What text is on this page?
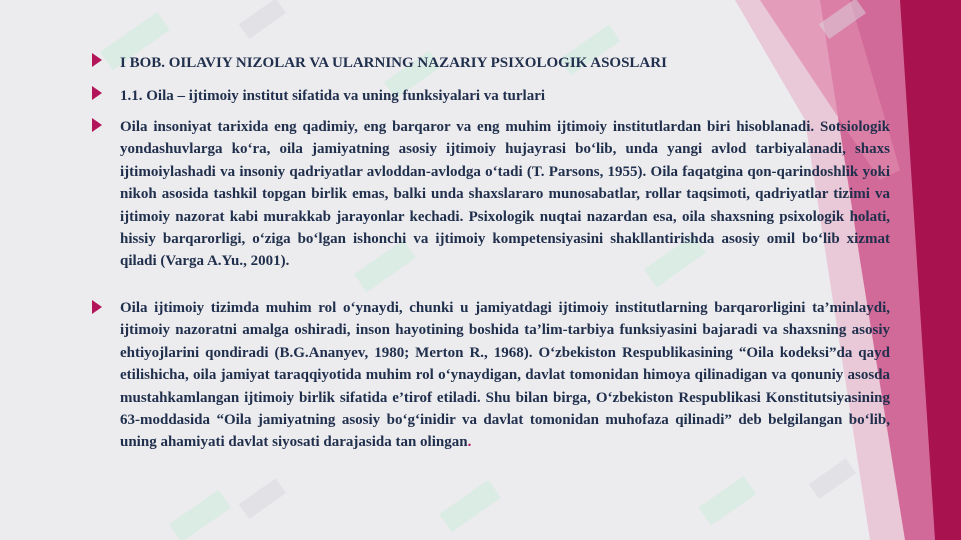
I BOB. OILAVIY NIZOLAR VA ULARNING NAZARIY PSIXOLOGIK ASOSLARI

1.1. Oila – ijtimoiy institut sifatida va uning funksiyalari va turlari

Oila insoniyat tarixida eng qadimiy, eng barqaror va eng muhim ijtimoiy institutlardan biri hisoblanadi. Sotsiologik yondashuvlarga ko‘ra, oila jamiyatning asosiy ijtimoiy hujayrasi bo‘lib, unda yangi avlod tarbiyalanadi, shaxs ijtimoiylashadi va insoniy qadriyatlar avloddan-avlodga o‘tadi (T. Parsons, 1955). Oila faqatgina qon-qarindoshlik yoki nikoh asosida tashkil topgan birlik emas, balki unda shaxslararo munosabatlar, rollar taqsimoti, qadriyatlar tizimi va ijtimoiy nazorat kabi murakkab jarayonlar kechadi. Psixologik nuqtai nazardan esa, oila shaxsning psixologik holati, hissiy barqarorligi, o‘ziga bo‘lgan ishonchi va ijtimoiy kompetensiyasini shakllantirishda asosiy omil bo‘lib xizmat qiladi (Varga A.Yu., 2001).

Oila ijtimoiy tizimda muhim rol o‘ynaydi, chunki u jamiyatdagi ijtimoiy institutlarning barqarorligini ta’minlaydi, ijtimoiy nazoratni amalga oshiradi, inson hayotining boshida ta’lim-tarbiya funksiyasini bajaradi va shaxsning asosiy ehtiyojlarini qondiradi (B.G.Ananyev, 1980; Merton R., 1968). O‘zbekiston Respublikasining “Oila kodeksi”da qayd etilishicha, oila jamiyat taraqqiyotida muhim rol o‘ynaydigan, davlat tomonidan himoya qilinadigan va qonuniy asosda mustahkamlangan ijtimoiy birlik sifatida e’tirof etiladi. Shu bilan birga, O‘zbekiston Respublikasi Konstitutsiyasining 63-moddasida “Oila jamiyatning asosiy bo‘g‘inidir va davlat tomonidan muhofaza qilinadi” deb belgilangan bo‘lib, uning ahamiyati davlat siyosati darajasida tan olingan.
